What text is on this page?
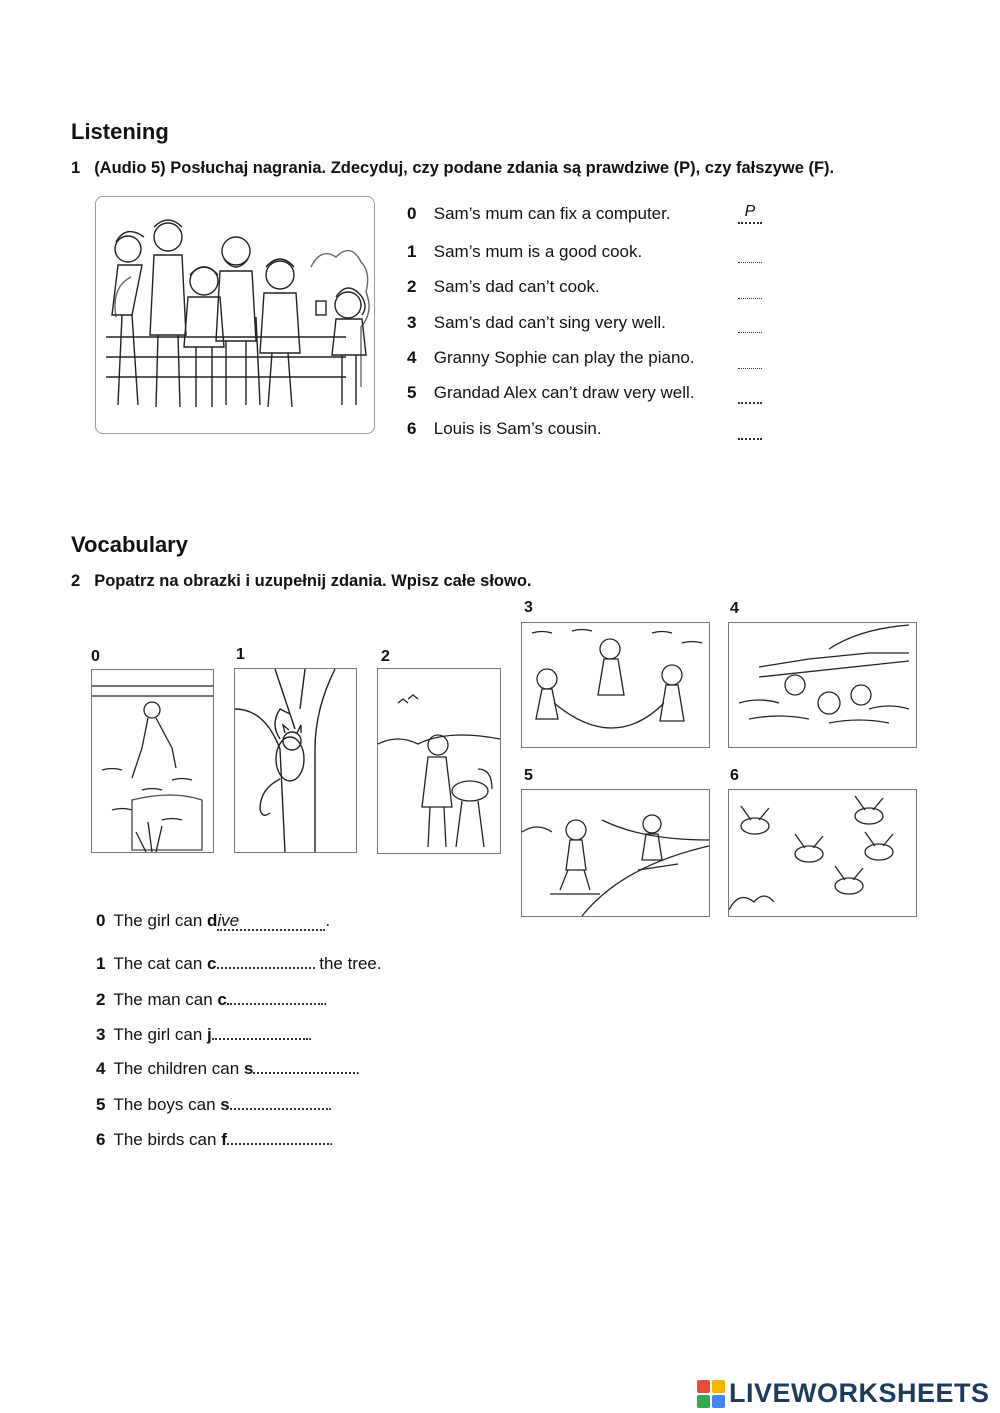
Listening
1 (Audio 5) Posłuchaj nagrania. Zdecyduj, czy podane zdania są prawdziwe (P), czy fałszywe (F).
0 Sam’s mum can fix a computer.	P
1 Sam’s mum is a good cook.
2 Sam’s dad can’t cook.
3 Sam’s dad can’t sing very well.
4 Granny Sophie can play the piano.
5 Grandad Alex can’t draw very well.
6 Louis is Sam’s cousin.
Vocabulary
2 Popatrz na obrazki i uzupełnij zdania. Wpisz całe słowo.
0	1	2
3	4
5	6
0 The girl can dive	.
1 The cat can c	the tree.
2 The man can c	.
3 The girl can j	.
4 The children can s	.
5 The boys can s	.
6 The birds can f	.
LIVEWORKSHEETS
